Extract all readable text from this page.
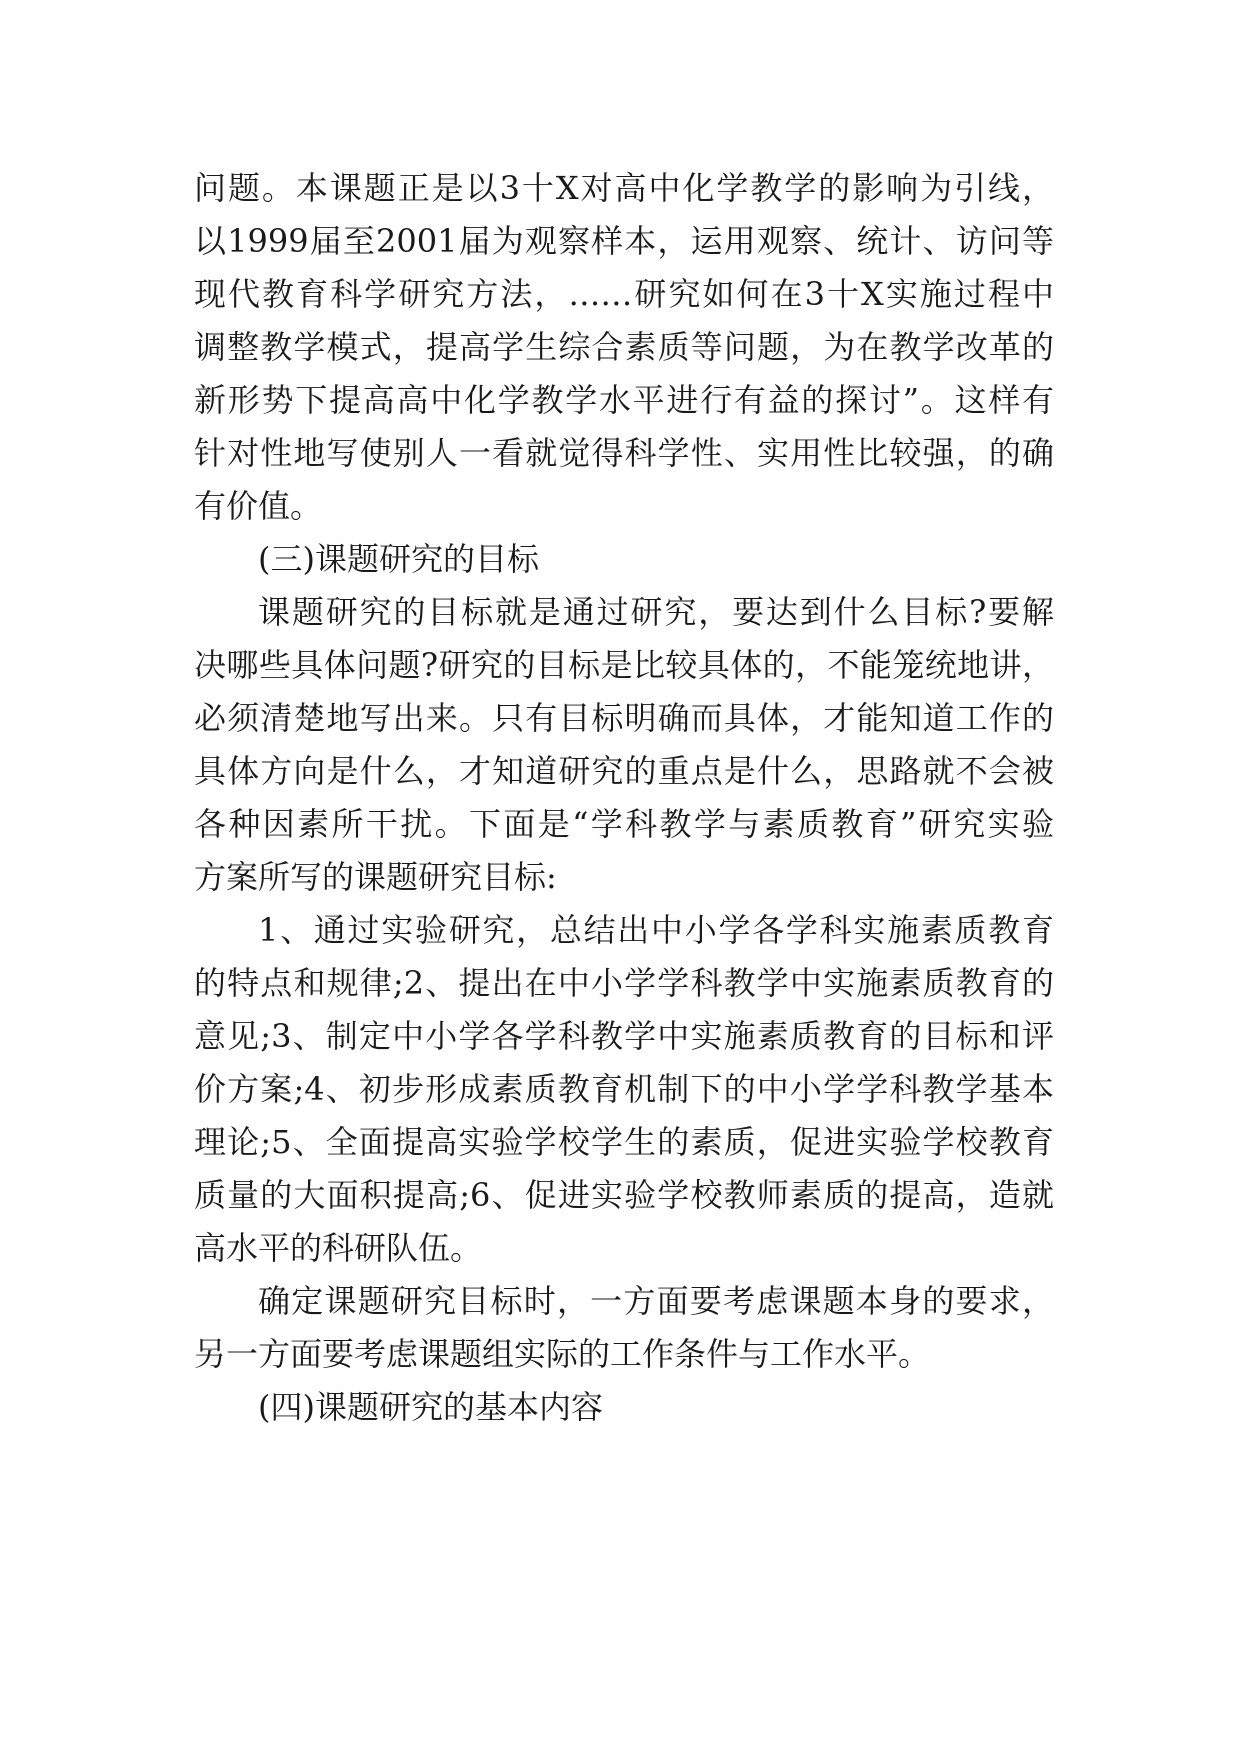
问题。本课题正是以3十X对高中化学教学的影响为引线，
以1999届至2001届为观察样本，运用观察、统计、访问等
现代教育科学研究方法，……研究如何在3十X实施过程中
调整教学模式，提高学生综合素质等问题，为在教学改革的
新形势下提高高中化学教学水平进行有益的探讨”。这样有
针对性地写使别人一看就觉得科学性、实用性比较强，的确
有价值。
(三)课题研究的目标
课题研究的目标就是通过研究，要达到什么目标?要解
决哪些具体问题?研究的目标是比较具体的，不能笼统地讲，
必须清楚地写出来。只有目标明确而具体，才能知道工作的
具体方向是什么，才知道研究的重点是什么，思路就不会被
各种因素所干扰。下面是“学科教学与素质教育”研究实验
方案所写的课题研究目标:
1、通过实验研究，总结出中小学各学科实施素质教育
的特点和规律;2、提出在中小学学科教学中实施素质教育的
意见;3、制定中小学各学科教学中实施素质教育的目标和评
价方案;4、初步形成素质教育机制下的中小学学科教学基本
理论;5、全面提高实验学校学生的素质，促进实验学校教育
质量的大面积提高;6、促进实验学校教师素质的提高，造就
高水平的科研队伍。
确定课题研究目标时，一方面要考虑课题本身的要求，
另一方面要考虑课题组实际的工作条件与工作水平。
(四)课题研究的基本内容
